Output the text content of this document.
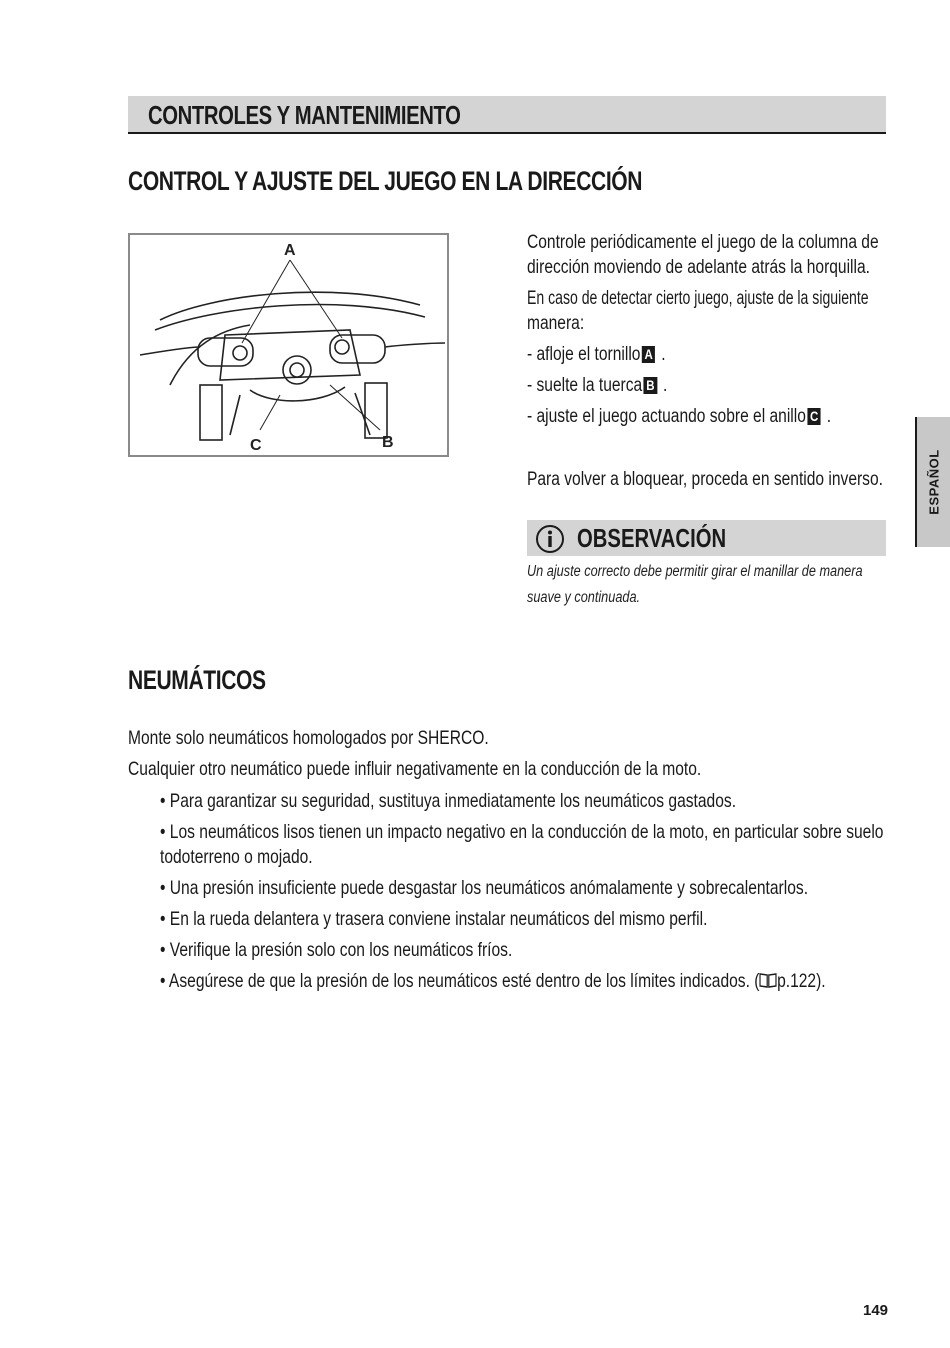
CONTROLES Y MANTENIMIENTO
CONTROL Y AJUSTE DEL JUEGO EN LA DIRECCIÓN
A
C	B
Controle periódicamente el juego de la columna de
dirección moviendo de adelante atrás la horquilla.
En caso de detectar cierto juego, ajuste de la siguiente
manera:
- afloje el tornillo A .
- suelte la tuerca B .
- ajuste el juego actuando sobre el anillo C .
Para volver a bloquear, proceda en sentido inverso.
OBSERVACIÓN
Un ajuste correcto debe permitir girar el manillar de manera
suave y continuada.
NEUMÁTICOS
Monte solo neumáticos homologados por SHERCO.
Cualquier otro neumático puede influir negativamente en la conducción de la moto.
• Para garantizar su seguridad, sustituya inmediatamente los neumáticos gastados.
• Los neumáticos lisos tienen un impacto negativo en la conducción de la moto, en particular sobre suelo
todoterreno o mojado.
• Una presión insuficiente puede desgastar los neumáticos anómalamente y sobrecalentarlos.
• En la rueda delantera y trasera conviene instalar neumáticos del mismo perfil.
• Verifique la presión solo con los neumáticos fríos.
• Asegúrese de que la presión de los neumáticos esté dentro de los límites indicados. ( p.122).
ESPAÑOL
149
